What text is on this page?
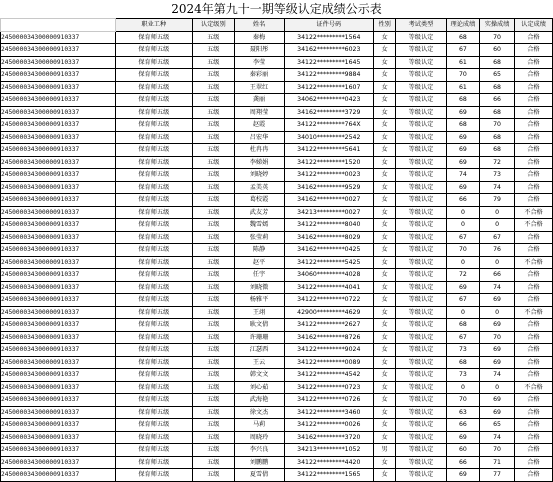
2024年第九十一期等级认定成绩公示表
	职业工种	认定级别	姓名	证件号码	性别	考试类型	理论成绩	实操成绩	认定成绩
245000034300000910337	保育师五级	五级	秦梅	34122*********1564	女	等级认定	68	70	合格
245000034300000910337	保育师五级	五级	聂阳彤	34162*********6023	女	等级认定	67	60	合格
245000034300000910337	保育师五级	五级	李莹	34122*********1645	女	等级认定	61	68	合格
245000034300000910337	保育师五级	五级	秦彩丽	34122*********9884	女	等级认定	70	65	合格
245000034300000910337	保育师五级	五级	王翠红	34122*********1607	女	等级认定	61	68	合格
245000034300000910337	保育师五级	五级	龚丽	34062*********0423	女	等级认定	68	66	合格
245000034300000910337	保育师五级	五级	周翔莹	34162*********3729	女	等级认定	69	68	合格
245000034300000910337	保育师五级	五级	赵霞	34122*********764X	女	等级认定	68	70	合格
245000034300000910337	保育师五级	五级	吕宏华	34010*********2542	女	等级认定	69	68	合格
245000034300000910337	保育师五级	五级	杜冉冉	34122*********5641	女	等级认定	69	68	合格
245000034300000910337	保育师五级	五级	李娣娟	34122*********1520	女	等级认定	69	72	合格
245000034300000910337	保育师五级	五级	刘晓婷	34122*********0023	女	等级认定	74	73	合格
245000034300000910337	保育师五级	五级	孟美英	34162*********9529	女	等级认定	69	74	合格
245000034300000910337	保育师五级	五级	葛校霞	34162*********0027	女	等级认定	66	79	合格
245000034300000910337	保育师五级	五级	武友芳	34213*********0027	女	等级认定	0	0	不合格
245000034300000910337	保育师五级	五级	魏雪嫣	34122*********8040	女	等级认定	0	0	不合格
245000034300000910337	保育师五级	五级	张莹莉	34162*********8029	女	等级认定	67	67	合格
245000034300000910337	保育师五级	五级	陈静	34162*********0425	女	等级认定	70	76	合格
245000034300000910337	保育师五级	五级	赵平	34122*********5425	女	等级认定	0	0	不合格
245000034300000910337	保育师五级	五级	任宇	34060*********4028	女	等级认定	72	66	合格
245000034300000910337	保育师五级	五级	刘晓微	34122*********4041	女	等级认定	69	74	合格
245000034300000910337	保育师五级	五级	杨雅平	34122*********0722	女	等级认定	67	69	合格
245000034300000910337	保育师五级	五级	王翊	42900*********4629	女	等级认定	0	0	不合格
245000034300000910337	保育师五级	五级	耿文倩	34122*********2627	女	等级认定	68	69	合格
245000034300000910337	保育师五级	五级	许珊珊	34162*********8726	女	等级认定	67	70	合格
245000034300000910337	保育师五级	五级	江瑟西	34122*********9024	女	等级认定	73	69	合格
245000034300000910337	保育师五级	五级	王云	34122*********0089	女	等级认定	68	69	合格
245000034300000910337	保育师五级	五级	韩文文	34122*********4542	女	等级认定	73	74	合格
245000034300000910337	保育师五级	五级	刘心茹	34122*********0723	女	等级认定	0	0	不合格
245000034300000910337	保育师五级	五级	武海艳	34122*********0726	女	等级认定	70	69	合格
245000034300000910337	保育师五级	五级	徐文杰	34122*********3460	女	等级认定	63	69	合格
245000034300000910337	保育师五级	五级	马莉	34122*********0026	女	等级认定	66	65	合格
245000034300000910337	保育师五级	五级	周晓玲	34162*********3720	女	等级认定	69	74	合格
245000034300000910337	保育师五级	五级	李兴良	34213*********1052	男	等级认定	60	70	合格
245000034300000910337	保育师五级	五级	刘鹏鹏	34122*********4420	女	等级认定	66	71	合格
245000034300000910337	保育师五级	五级	夏雪倩	34122*********1565	女	等级认定	69	77	合格
